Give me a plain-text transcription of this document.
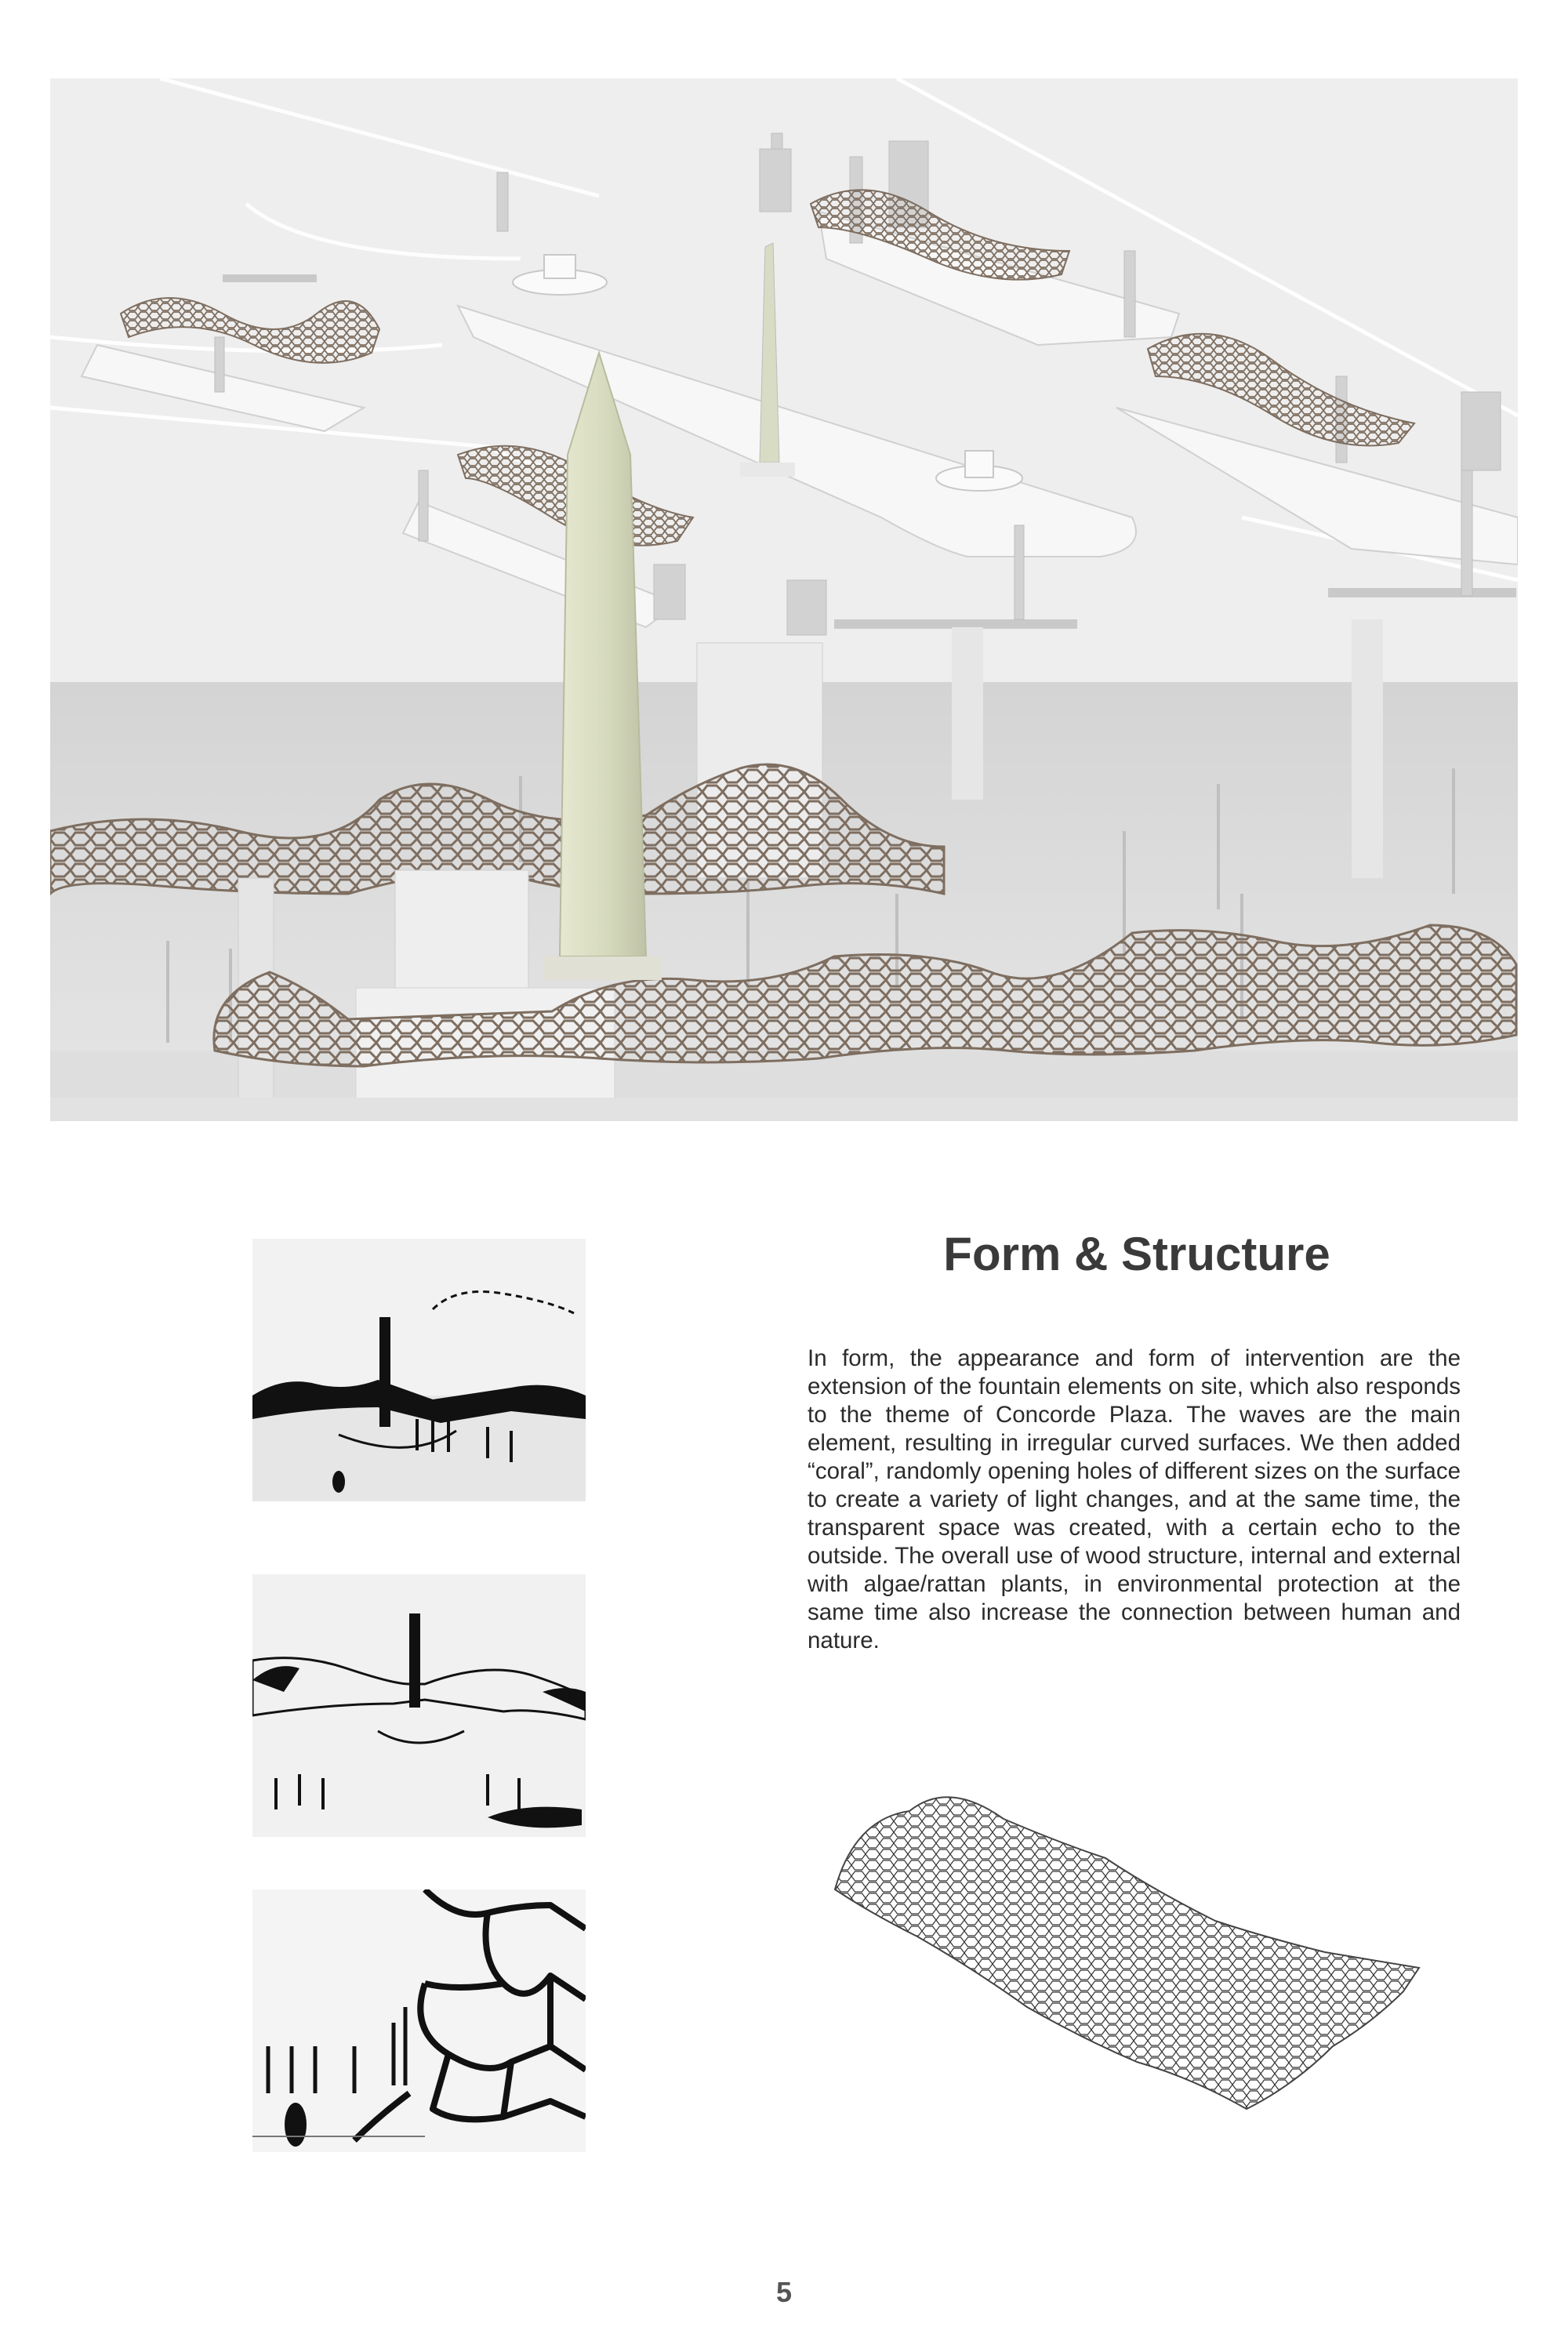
Form & Structure

In form, the appearance and form of intervention are the extension of the fountain elements on site, which also responds to the theme of Concorde Plaza. The waves are the main element, resulting in irregular curved surfaces. We then added “coral”, randomly opening holes of different sizes on the surface to create a variety of light changes, and at the same time, the transparent space was created, with a certain echo to the outside. The overall use of wood structure, internal and external with algae/rattan plants, in environmental protection at the same time also increase the connection between human and nature.

5
